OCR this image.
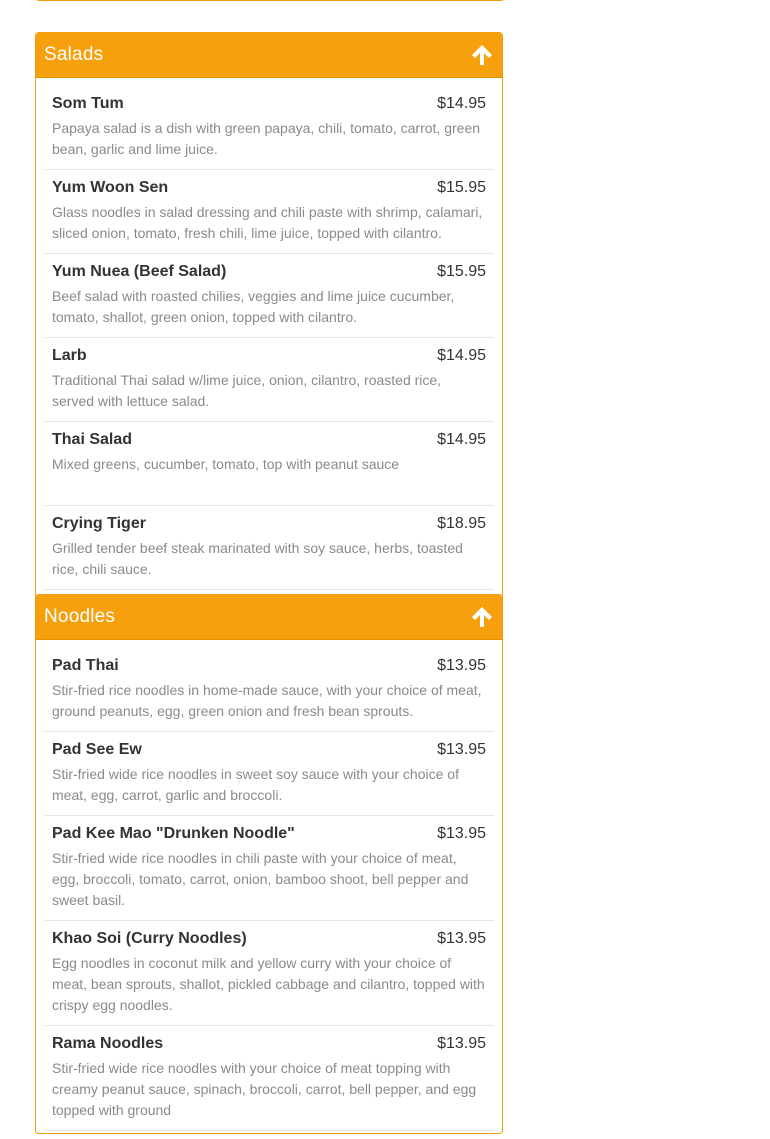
Salads
Som Tum	$14.95
Papaya salad is a dish with green papaya, chili, tomato, carrot, green bean, garlic and lime juice.
Yum Woon Sen	$15.95
Glass noodles in salad dressing and chili paste with shrimp, calamari, sliced onion, tomato, fresh chili, lime juice, topped with cilantro.
Yum Nuea (Beef Salad)	$15.95
Beef salad with roasted chilies, veggies and lime juice cucumber, tomato, shallot, green onion, topped with cilantro.
Larb	$14.95
Traditional Thai salad w/lime juice, onion, cilantro, roasted rice, served with lettuce salad.
Thai Salad	$14.95
Mixed greens, cucumber, tomato, top with peanut sauce
Crying Tiger	$18.95
Grilled tender beef steak marinated with soy sauce, herbs, toasted rice, chili sauce.
Noodles
Pad Thai	$13.95
Stir-fried rice noodles in home-made sauce, with your choice of meat, ground peanuts, egg, green onion and fresh bean sprouts.
Pad See Ew	$13.95
Stir-fried wide rice noodles in sweet soy sauce with your choice of meat, egg, carrot, garlic and broccoli.
Pad Kee Mao "Drunken Noodle"	$13.95
Stir-fried wide rice noodles in chili paste with your choice of meat, egg, broccoli, tomato, carrot, onion, bamboo shoot, bell pepper and sweet basil.
Khao Soi (Curry Noodles)	$13.95
Egg noodles in coconut milk and yellow curry with your choice of meat, bean sprouts, shallot, pickled cabbage and cilantro, topped with crispy egg noodles.
Rama Noodles	$13.95
Stir-fried wide rice noodles with your choice of meat topping with creamy peanut sauce, spinach, broccoli, carrot, bell pepper, and egg topped with ground
